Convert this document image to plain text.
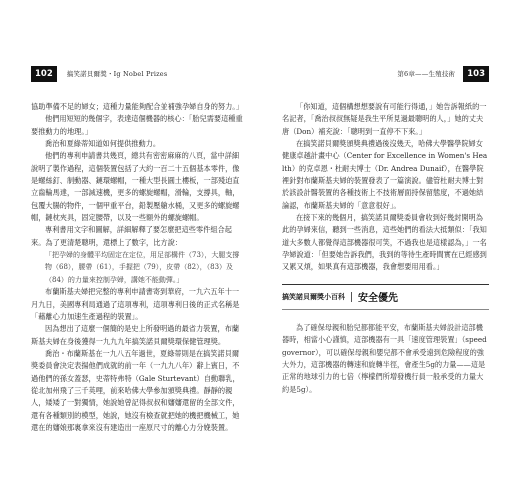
102 搞笑諾貝爾獎・Ig Nobel Prizes

協助準備不足的婦女；這種力量能夠配合並補強孕婦自身的努力。」

他們用短短的幾個字，表達這個機器的核心：「胎兒需要這種重要推動力的地理。」

喬治和夏綠蒂知道如何提供推動力。

他們的專利申請書共幾頁，總共有密密麻麻的八頁，當中詳細說明了製作過程，這個裝置包括了大約一百二十五個基本零件，像是螺絲釘、制動器、鏈環螺帽，一種大型長圓土樓板，一部殘迫直立齒輪馬達，一部減速機，更多的螺旋螺帽，滑輪，支撐具，軸，包覆大腸的物件，一個甲重平台，鉛製壓艙水桶，又更多的螺旋螺帽，鏈枕夾具，固定腰帶，以及一些額外的螺旋螺帽。

專利書用文字和圖解，詳細解釋了要怎麼把這些零件組合起來。為了更清楚聰明，還標上了數字，比方說：

「把孕婦的身體平均固定在定位，用足部構件（73），大腿支撐物（68），腰帶（61），手握把（79），皮帶（82），（83）及（84）的力量來控制孕婦，講她不能動彈。」

布蘭斯基夫婦把完整的專利申請書寄到華府，一九六五年十一月九日，美國專利局通過了這項專利，這項專利日後的正式名稱是「藉離心力加速生產過程的裝置」。

因為想出了這麼一個簡的是史上所發明過的最省力裝置，布蘭斯基夫婦在身後獲得一九九九年搞笑諾貝爾獎環保健管理獎。

喬治・布蘭斯基在一九八五年過世，夏綠蒂則是在搞笑諾貝爾獎委員會決定表揚他們成就的前一年（一九九八年）辭上賓日，不過他們的孫女蓋瑟，史蒂特弗特（Gale Sturtevant）自動聯乳，從北加州飛了三千英哩，前來哈佛大學參加頒獎典禮。靜靜的親人，矮矮了一對獨情，她說她曾記得叔叔和嬸嬸還留的全部文件，還有各種類別的模型，她說，她沒有檢查就把她的機把機械工，她還在的嬸娘那裏拿來沒有建造出一座原尺寸的離心力分娩裝置。

第6章——生殖技術 103

「你知道，這個構想想要說有可能行得通，」她告訴報紙的一名記者，「喬治叔叔無疑是我生平所見過最聰明的人，」她的丈夫唐（Don）補充說：「聰明到一直停不下來。」

在搞笑諾貝爾獎頒獎典禮過後沒幾天，哈佛大學醫學院婦女健康卓越計畫中心（Center for Excellence in Women's Health）的克卓恩・杜耐夫博士（Dr. Andrea Dunaif），在醫學院裡針對布蘭斯基夫婦的裝置發表了一篇演說。儘管杜耐夫博士對於該設計醫裝置的各種技術上不技術層面持保留態度，不過她結論認，布蘭斯基夫婦的「意意很好」。

在接下來的幾個月，搞笑諾貝爾獎委員會收到好幾封開明為此的孕婦來信，聽到一些消息，這些她們的看法大抵類似：「我知道大多數人都覺得這部機器很可笑，不過我也是這樣認為，」一名孕婦說道：「但要她告訴我們，我到的等待生產時間實在已經感到又累又煩，如果真有這部機器，我會想要用用看。」

搞笑諾貝爾獎小百科	安全優先

為了確保母親和胎兒都都能平安，布蘭斯基夫婦設計這部機器時，相當小心謹慎，這部機器有一具「速度管理裝置」（speed governor），可以確保母親和嬰兒都不會承受遠到危險程度的強大外力，這部機器的轉速和旋轉半徑，會產生5g的力量——這是正常的地球引力的七倍（檸檬們所增發機行員一般承受的力量大約是5g）。
